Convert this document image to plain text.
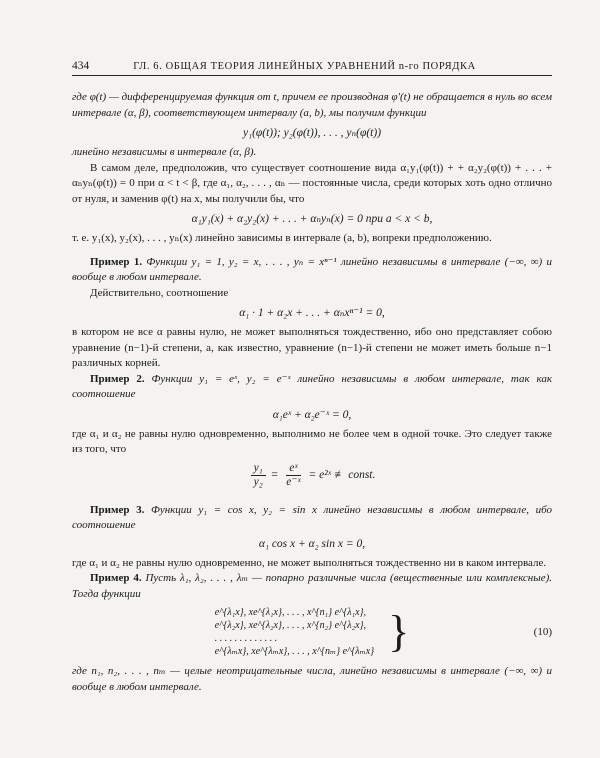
434	ГЛ. 6. ОБЩАЯ ТЕОРИЯ ЛИНЕЙНЫХ УРАВНЕНИЙ n-го ПОРЯДКА

где φ(t) — дифференцируемая функция от t, причем ее производная φ′(t) не обращается в нуль во всем интервале (α, β), соответствующем интервалу (a, b), мы получим функции

y₁(φ(t)); y₂(φ(t)), . . . , yₙ(φ(t))

линейно независимы в интервале (α, β).

В самом деле, предположив, что существует соотношение вида α₁y₁(φ(t)) + + α₂y₂(φ(t)) + . . . + αₙyₙ(φ(t)) = 0 при α < t < β, где α₁, α₂, . . . , αₙ — постоянные числа, среди которых хоть одно отлично от нуля, и заменив φ(t) на x, мы получили бы, что

α₁y₁(x) + α₂y₂(x) + . . . + αₙyₙ(x) = 0 при a < x < b,

т. е. y₁(x), y₂(x), . . . , yₙ(x) линейно зависимы в интервале (a, b), вопреки предположению.

Пример 1. Функции y₁ = 1, y₂ = x, . . . , yₙ = xⁿ⁻¹ линейно независимы в интервале (−∞, ∞) и вообще в любом интервале.

Действительно, соотношение

α₁ · 1 + α₂x + . . . + αₙxⁿ⁻¹ = 0,

в котором не все α равны нулю, не может выполняться тождественно, ибо оно представляет собою уравнение (n−1)-й степени, а, как известно, уравнение (n−1)-й степени не может иметь больше n−1 различных корней.

Пример 2. Функции y₁ = eˣ, y₂ = e⁻ˣ линейно независимы в любом интервале, так как соотношение

α₁eˣ + α₂e⁻ˣ = 0,

где α₁ и α₂ не равны нулю одновременно, выполнимо не более чем в одной точке. Это следует также из того, что

$\frac{\text{y₁}}{\text{y₂}} = \frac{\text{eˣ}}{\text{e⁻ˣ}}$ = e²ˣ ≢ const.

Пример 3. Функции y₁ = cos x, y₂ = sin x линейно независимы в любом интервале, ибо соотношение

α₁ cos x + α₂ sin x = 0,

где α₁ и α₂ не равны нулю одновременно, не может выполняться тождественно ни в каком интервале.

Пример 4. Пусть λ₁, λ₂, . . . , λₘ — попарно различные числа (вещественные или комплексные). Тогда функции

e^{λ₁x}, xe^{λ₁x}, . . . , x^{n₁} e^{λ₁x},
e^{λ₂x}, xe^{λ₂x}, . . . , x^{n₂} e^{λ₂x},
. . . . . . . . . . . . .
e^{λₘx}, xe^{λₘx}, . . . , x^{nₘ} e^{λₘx} }	(10)

где n₁, n₂, . . . , nₘ — целые неотрицательные числа, линейно независимы в интервале (−∞, ∞) и вообще в любом интервале.
